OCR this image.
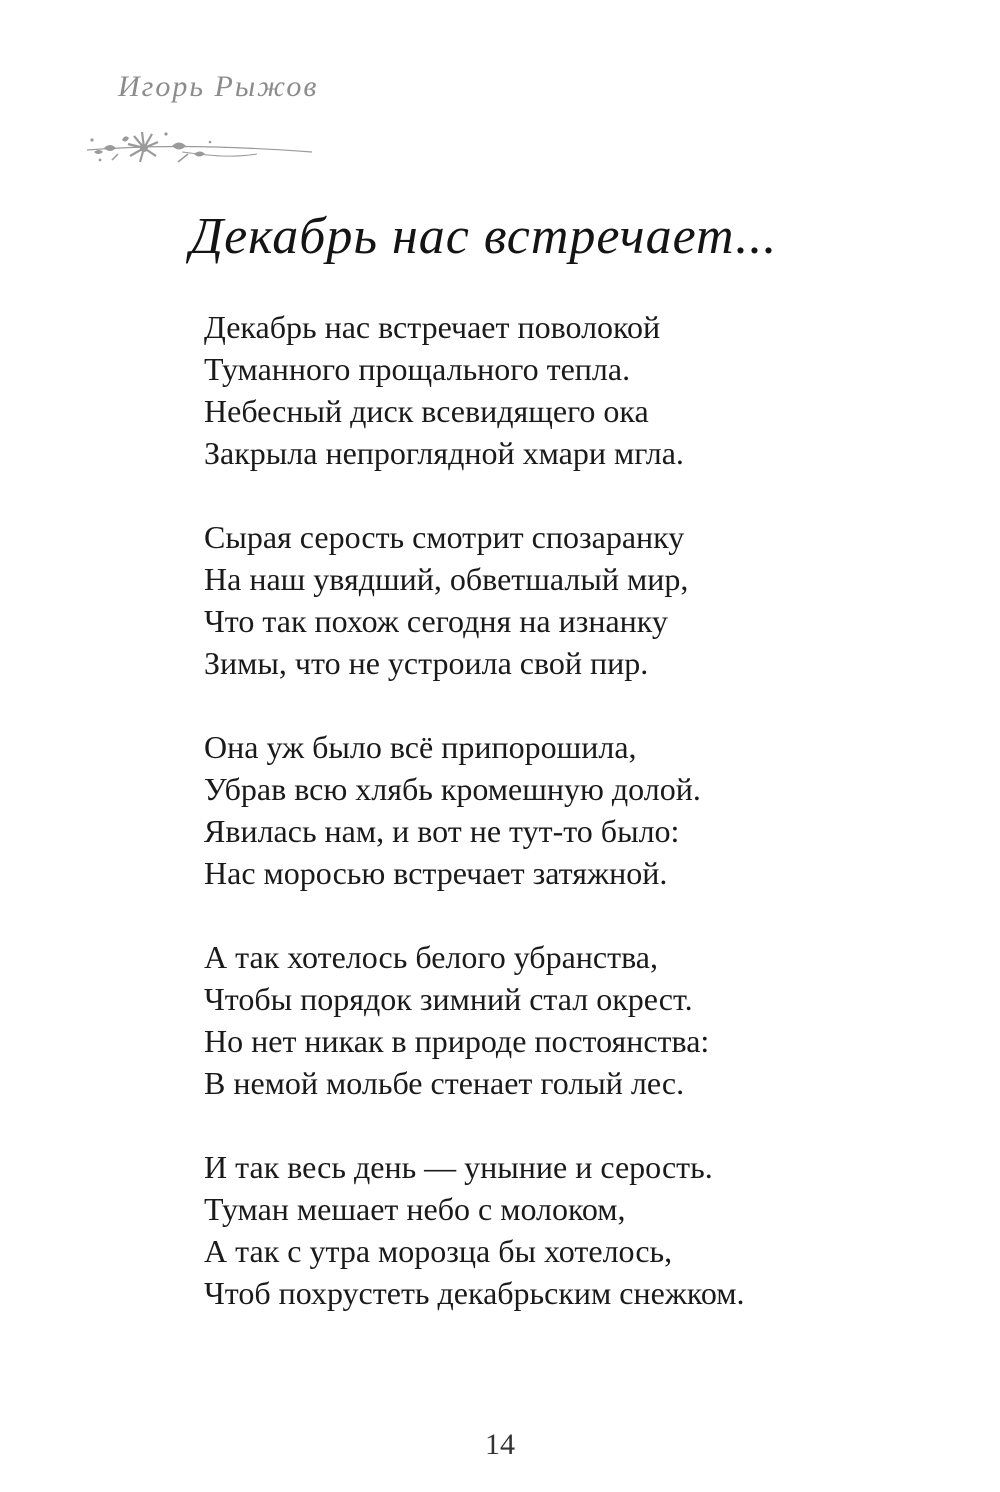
Игорь Рыжов
Декабрь нас встречает...
Декабрь нас встречает поволокой
Туманного прощального тепла.
Небесный диск всевидящего ока
Закрыла непроглядной хмари мгла.
Сырая серость смотрит спозаранку
На наш увядший, обветшалый мир,
Что так похож сегодня на изнанку
Зимы, что не устроила свой пир.
Она уж было всё припорошила,
Убрав всю хлябь кромешную долой.
Явилась нам, и вот не тут-то было:
Нас моросью встречает затяжной.
А так хотелось белого убранства,
Чтобы порядок зимний стал окрест.
Но нет никак в природе постоянства:
В немой мольбе стенает голый лес.
И так весь день — уныние и серость.
Туман мешает небо с молоком,
А так с утра морозца бы хотелось,
Чтоб похрустеть декабрьским снежком.
14
